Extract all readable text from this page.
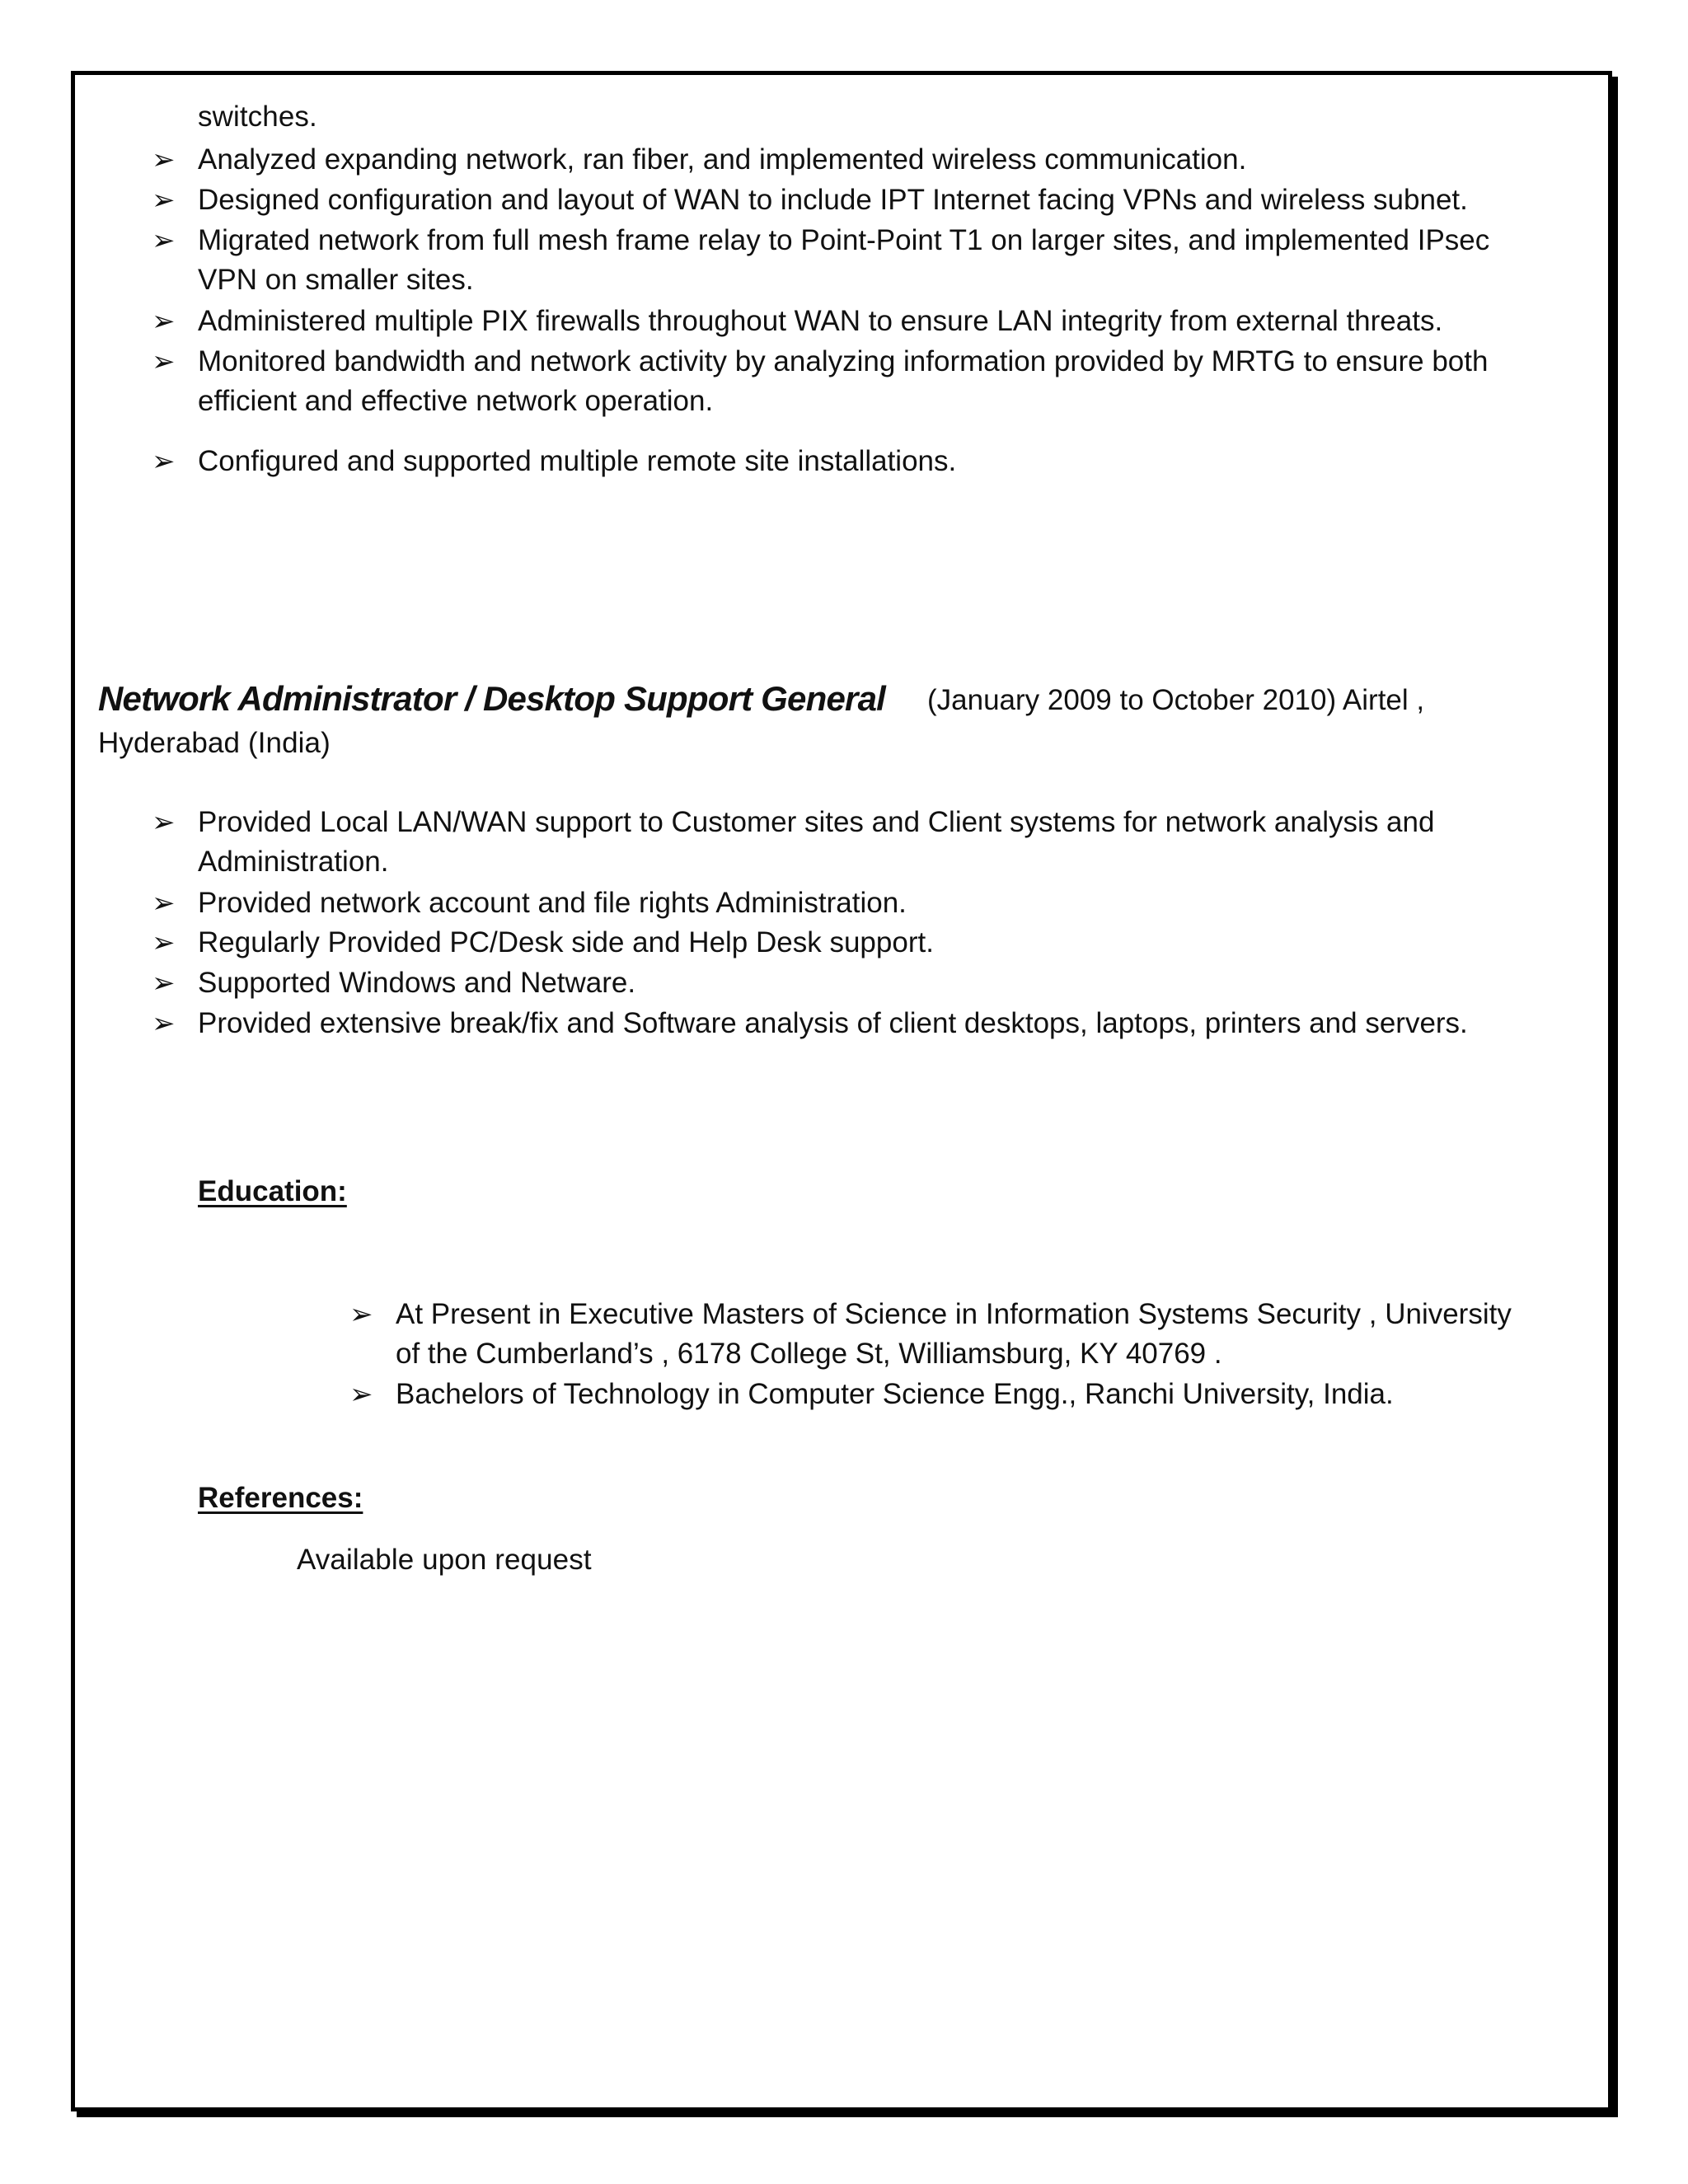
switches.
➢ Analyzed expanding network, ran fiber, and implemented wireless communication.
➢ Designed configuration and layout of WAN to include IPT Internet facing VPNs and wireless subnet.
➢ Migrated network from full mesh frame relay to Point-Point T1 on larger sites, and implemented IPsec
VPN on smaller sites.
➢ Administered multiple PIX firewalls throughout WAN to ensure LAN integrity from external threats.
➢ Monitored bandwidth and network activity by analyzing information provided by MRTG to ensure both
efficient and effective network operation.
➢ Configured and supported multiple remote site installations.
Network Administrator / Desktop Support General (January 2009 to October 2010) Airtel ,
Hyderabad (India)
➢ Provided Local LAN/WAN support to Customer sites and Client systems for network analysis and
Administration.
➢ Provided network account and file rights Administration.
➢ Regularly Provided PC/Desk side and Help Desk support.
➢ Supported Windows and Netware.
➢ Provided extensive break/fix and Software analysis of client desktops, laptops, printers and servers.
Education:
➢ At Present in Executive Masters of Science in Information Systems Security , University
of the Cumberland’s , 6178 College St, Williamsburg, KY 40769 .
➢ Bachelors of Technology in Computer Science Engg., Ranchi University, India.
References:
Available upon request
